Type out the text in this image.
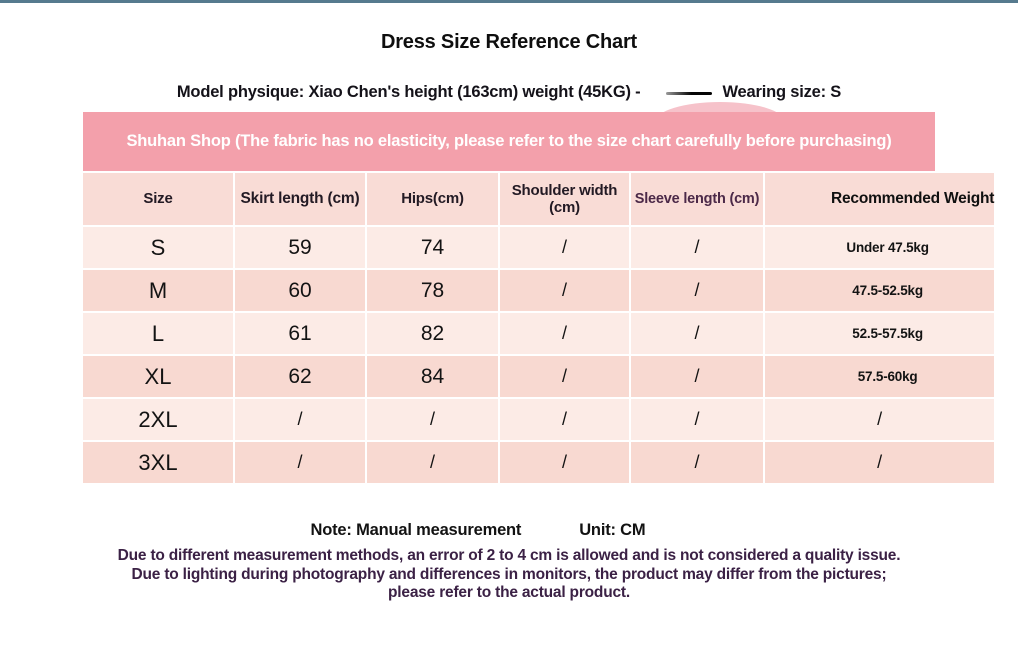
Dress Size Reference Chart
Model physique: Xiao Chen's height (163cm) weight (45KG) -	Wearing size: S
Shuhan Shop (The fabric has no elasticity, please refer to the size chart carefully before purchasing)
Size	Skirt length (cm)	Hips(cm)	Shoulder width (cm)	Sleeve length (cm)	Recommended Weight
S	59	74	/	/	Under 47.5kg
M	60	78	/	/	47.5-52.5kg
L	61	82	/	/	52.5-57.5kg
XL	62	84	/	/	57.5-60kg
2XL	/	/	/	/	/
3XL	/	/	/	/	/
Note: Manual measurement	Unit: CM
Due to different measurement methods, an error of 2 to 4 cm is allowed and is not considered a quality issue. Due to lighting during photography and differences in monitors, the product may differ from the pictures; please refer to the actual product.
